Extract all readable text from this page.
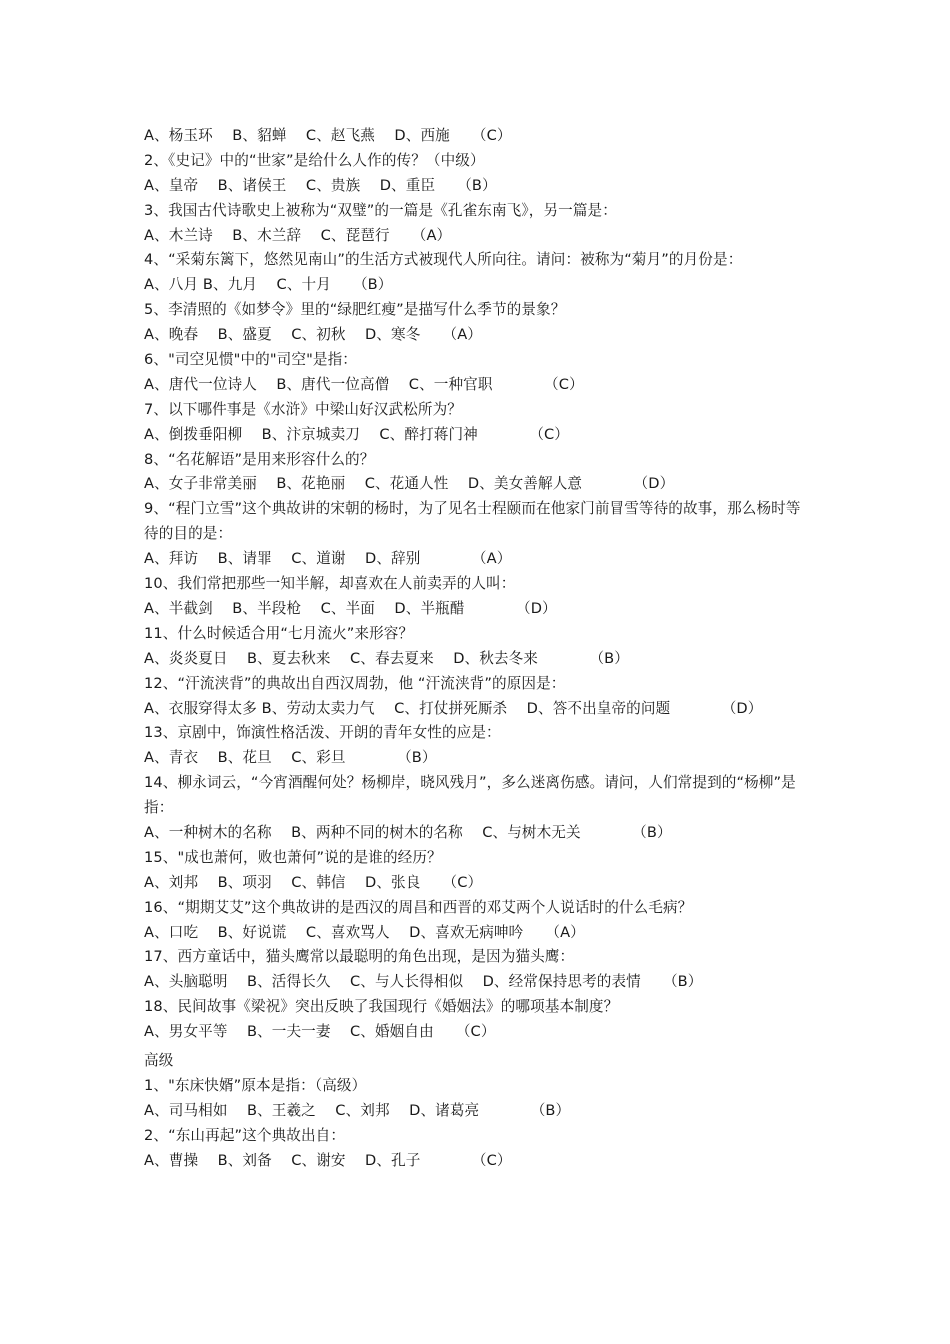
A、杨玉环　 B、貂蝉　 C、赵飞燕　 D、西施　　（C）
2、《史记》中的“世家”是给什么人作的传？（中级）
A、皇帝　 B、诸侯王　 C、贵族　 D、重臣　　（B）
3、我国古代诗歌史上被称为“双璧”的一篇是《孔雀东南飞》，另一篇是：
A、木兰诗　 B、木兰辞　 C、琵琶行　　（A）
4、“采菊东篱下，悠然见南山”的生活方式被现代人所向往。请问：被称为“菊月”的月份是：
A、八月 B、九月　 C、十月　　（B）
5、李清照的《如梦令》里的“绿肥红瘦”是描写什么季节的景象？
A、晚春　 B、盛夏　 C、初秋　 D、寒冬　　（A）
6、"司空见惯"中的"司空"是指：
A、唐代一位诗人　 B、唐代一位高僧　 C、一种官职　　　　（C）
7、以下哪件事是《水浒》中梁山好汉武松所为？
A、倒拨垂阳柳　 B、汴京城卖刀　 C、醉打蒋门神　　　　（C）
8、“名花解语”是用来形容什么的？
A、女子非常美丽　 B、花艳丽　 C、花通人性　 D、美女善解人意　　　　（D）
9、“程门立雪”这个典故讲的宋朝的杨时，为了见名士程颐而在他家门前冒雪等待的故事，那么杨时等待的目的是：
A、拜访　 B、请罪　 C、道谢　 D、辞别　　　　（A）
10、我们常把那些一知半解，却喜欢在人前卖弄的人叫：
A、半截剑　 B、半段枪　 C、半面　 D、半瓶醋　　　　（D）
11、什么时候适合用“七月流火”来形容？
A、炎炎夏日　 B、夏去秋来　 C、春去夏来　 D、秋去冬来　　　　（B）
12、“汗流浃背”的典故出自西汉周勃，他 “汗流浃背”的原因是：
A、衣服穿得太多 B、劳动太卖力气　 C、打仗拼死厮杀　 D、答不出皇帝的问题　　　　（D）
13、京剧中，饰演性格活泼、开朗的青年女性的应是：
A、青衣　 B、花旦　 C、彩旦　　　　（B）
14、柳永词云，“今宵酒醒何处？杨柳岸，晓风残月”，多么迷离伤感。请问，人们常提到的“杨柳”是指：
A、一种树木的名称　 B、两种不同的树木的名称　 C、与树木无关　　　　（B）
15、"成也萧何，败也萧何”说的是谁的经历？
A、刘邦　 B、项羽　 C、韩信　 D、张良　　（C）
16、“期期艾艾”这个典故讲的是西汉的周昌和西晋的邓艾两个人说话时的什么毛病？
A、口吃　 B、好说谎　 C、喜欢骂人　 D、喜欢无病呻吟　　（A）
17、西方童话中，猫头鹰常以最聪明的角色出现，是因为猫头鹰：
A、头脑聪明　 B、活得长久　 C、与人长得相似　 D、经常保持思考的表情　　（B）
18、民间故事《梁祝》突出反映了我国现行《婚姻法》的哪项基本制度？
A、男女平等　 B、一夫一妻　 C、婚姻自由　　（C）
高级
1、"东床快婿”原本是指：（高级）
A、司马相如　 B、王羲之　 C、刘邦　 D、诸葛亮　　　　（B）
2、“东山再起”这个典故出自：
A、曹操　 B、刘备　 C、谢安　 D、孔子　　　　（C）
